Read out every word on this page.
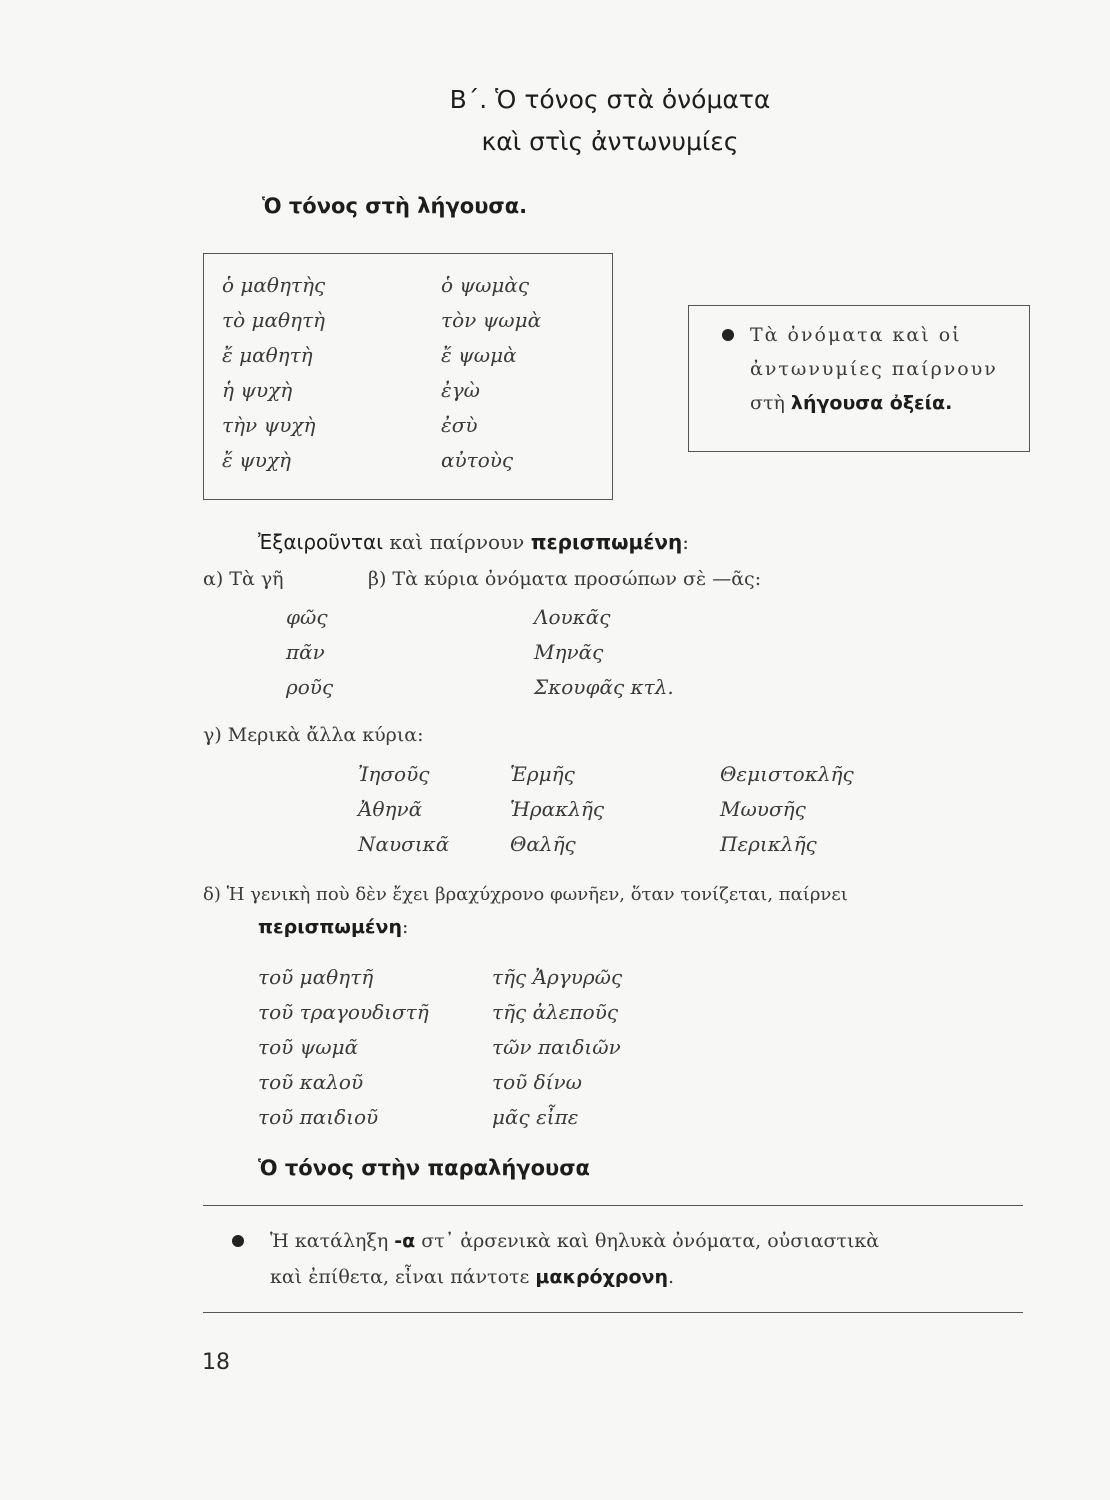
Β΄. Ὁ τόνος στὰ ὀνόματα
καὶ στὶς ἀντωνυμίες
Ὁ τόνος στὴ λήγουσα.
ὁ μαθητὴς
τὸ μαθητὴ
ἔ μαθητὴ
ἡ ψυχὴ
τὴν ψυχὴ
ἔ ψυχὴ
ὁ ψωμὰς
τὸν ψωμὰ
ἔ ψωμὰ
ἐγὼ
ἐσὺ
αὐτοὺς
Τὰ ὀνόματα καὶ οἱ
ἀντωνυμίες παίρνουν
στὴ λήγουσα ὀξεία.
Ἐξαιροῦνται καὶ παίρνουν περισπωμένη:
α) Τὰ γῆ	β) Τὰ κύρια ὀνόματα προσώπων σὲ —ᾶς:
φῶς
πᾶν
ροῦς
Λουκᾶς
Μηνᾶς
Σκουφᾶς κτλ.
γ) Μερικὰ ἄλλα κύρια:
Ἰησοῦς
Ἀθηνᾶ
Ναυσικᾶ
Ἑρμῆς
Ἡρακλῆς
Θαλῆς
Θεμιστοκλῆς
Μωυσῆς
Περικλῆς
δ) Ἡ γενικὴ ποὺ δὲν ἔχει βραχύχρονο φωνῆεν, ὅταν τονίζεται, παίρνει
περισπωμένη:
τοῦ μαθητῆ
τοῦ τραγουδιστῆ
τοῦ ψωμᾶ
τοῦ καλοῦ
τοῦ παιδιοῦ
τῆς Ἀργυρῶς
τῆς ἀλεποῦς
τῶν παιδιῶν
τοῦ δίνω
μᾶς εἶπε
Ὁ τόνος στὴν παραλήγουσα
Ἡ κατάληξη -α στ᾽ ἀρσενικὰ καὶ θηλυκὰ ὀνόματα, οὐσιαστικὰ
καὶ ἐπίθετα, εἶναι πάντοτε μακρόχρονη.
18
